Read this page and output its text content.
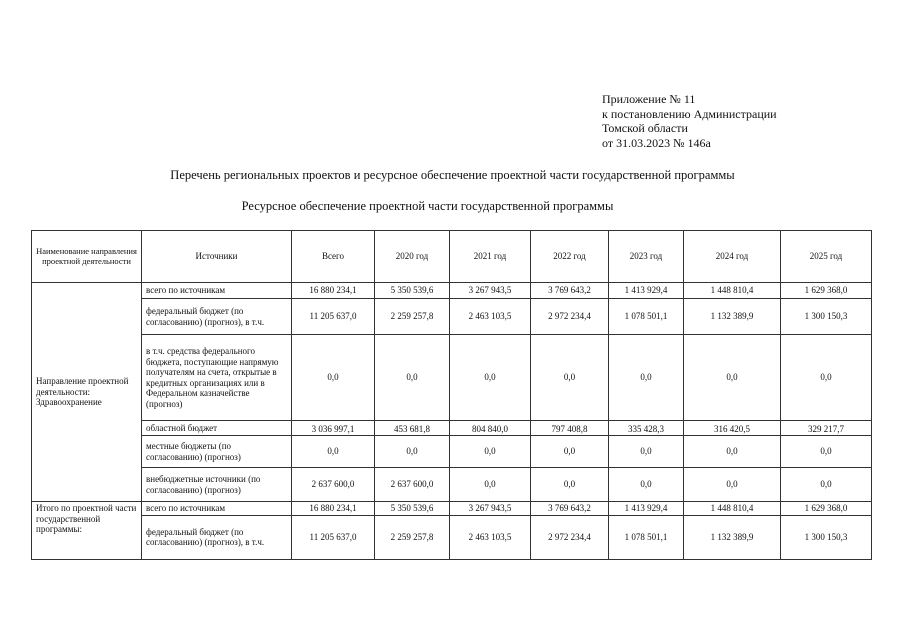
Приложение № 11
к постановлению Администрации
Томской области
от 31.03.2023 № 146а
Перечень региональных проектов и ресурсное обеспечение проектной части государственной программы
Ресурсное обеспечение проектной части государственной программы
Наименование направления проектной деятельности	Источники	Всего	2020 год	2021 год	2022 год	2023 год	2024 год	2025 год
Направление проектной деятельности: Здравоохранение	всего по источникам	16 880 234,1	5 350 539,6	3 267 943,5	3 769 643,2	1 413 929,4	1 448 810,4	1 629 368,0
	федеральный бюджет (по согласованию) (прогноз), в т.ч.	11 205 637,0	2 259 257,8	2 463 103,5	2 972 234,4	1 078 501,1	1 132 389,9	1 300 150,3
	в т.ч. средства федерального бюджета, поступающие напрямую получателям на счета, открытые в кредитных организациях или в Федеральном казначействе (прогноз)	0,0	0,0	0,0	0,0	0,0	0,0	0,0
	областной бюджет	3 036 997,1	453 681,8	804 840,0	797 408,8	335 428,3	316 420,5	329 217,7
	местные бюджеты (по согласованию) (прогноз)	0,0	0,0	0,0	0,0	0,0	0,0	0,0
	внебюджетные источники (по согласованию) (прогноз)	2 637 600,0	2 637 600,0	0,0	0,0	0,0	0,0	0,0
Итого по проектной части государственной программы:	всего по источникам	16 880 234,1	5 350 539,6	3 267 943,5	3 769 643,2	1 413 929,4	1 448 810,4	1 629 368,0
	федеральный бюджет (по согласованию) (прогноз), в т.ч.	11 205 637,0	2 259 257,8	2 463 103,5	2 972 234,4	1 078 501,1	1 132 389,9	1 300 150,3
